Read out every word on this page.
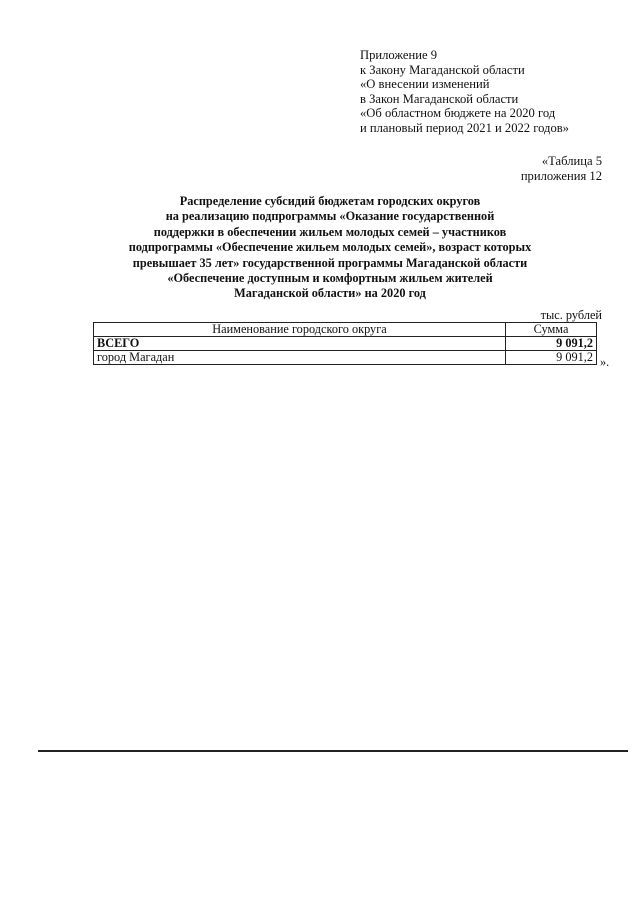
Приложение 9
к Закону Магаданской области
«О внесении изменений
в Закон Магаданской области
«Об областном бюджете на 2020 год
и плановый период 2021 и 2022 годов»
«Таблица 5
приложения 12
Распределение субсидий бюджетам городских округов
на реализацию подпрограммы «Оказание государственной
поддержки в обеспечении жильем молодых семей – участников
подпрограммы «Обеспечение жильем молодых семей», возраст которых
превышает 35 лет» государственной программы Магаданской области
«Обеспечение доступным и комфортным жильем жителей
Магаданской области» на 2020 год
тыс. рублей
Наименование городского округа	Сумма
ВСЕГО	9 091,2
город Магадан	9 091,2 ».
